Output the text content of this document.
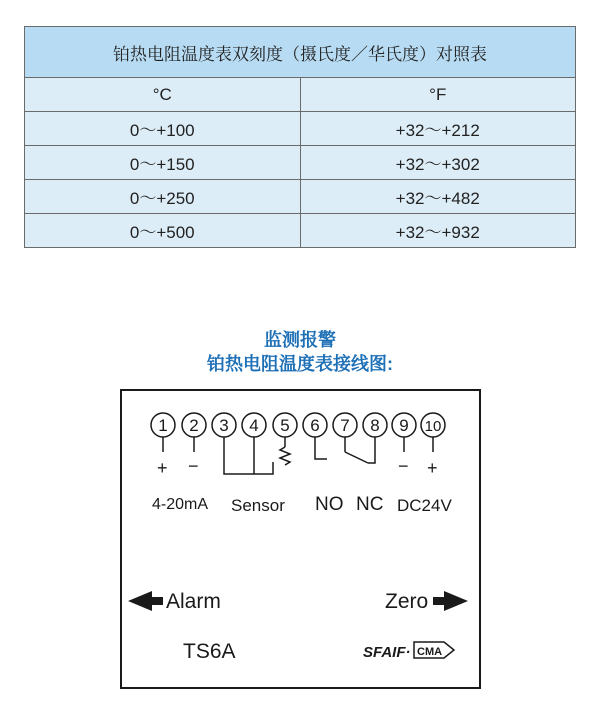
铂热电阻温度表双刻度（摄氏度／华氏度）对照表	
°C	°F
0～+100	+32～+212
0～+150	+32～+302
0～+250	+32～+482
0～+500	+32～+932
监测报警
铂热电阻温度表接线图:
1 2 3 4 5 6 7 8 9 10
SFAIF· CMA
+ −	− +
4-20mA Sensor NO NC DC24V
Alarm	Zero
TS6A
